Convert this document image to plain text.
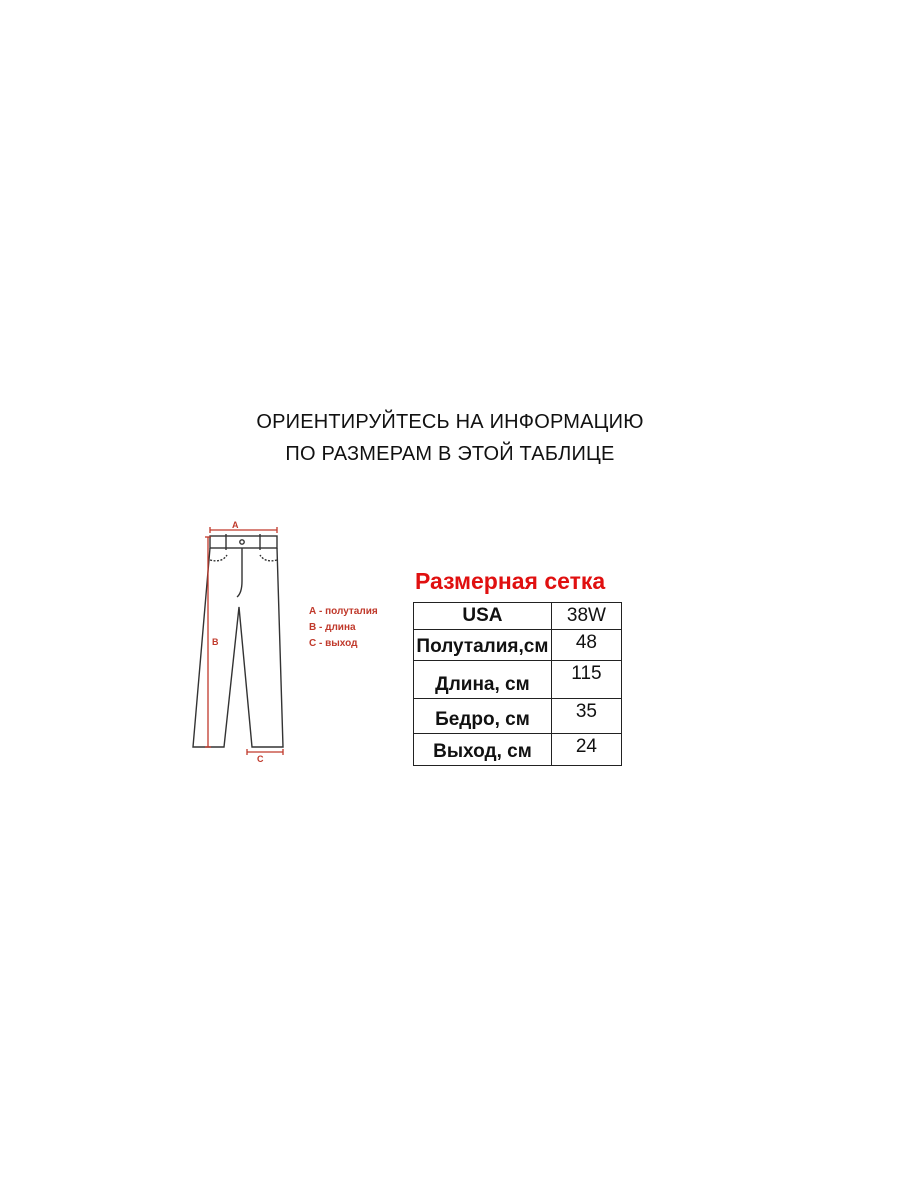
ОРИЕНТИРУЙТЕСЬ НА ИНФОРМАЦИЮ
ПО РАЗМЕРАМ В ЭТОЙ ТАБЛИЦЕ
A
B
C
А - полуталия
В - длина
С - выход
Размерная сетка
USA	38W
Полуталия,см	48
Длина, см	115
Бедро, см	35
Выход, см	24
